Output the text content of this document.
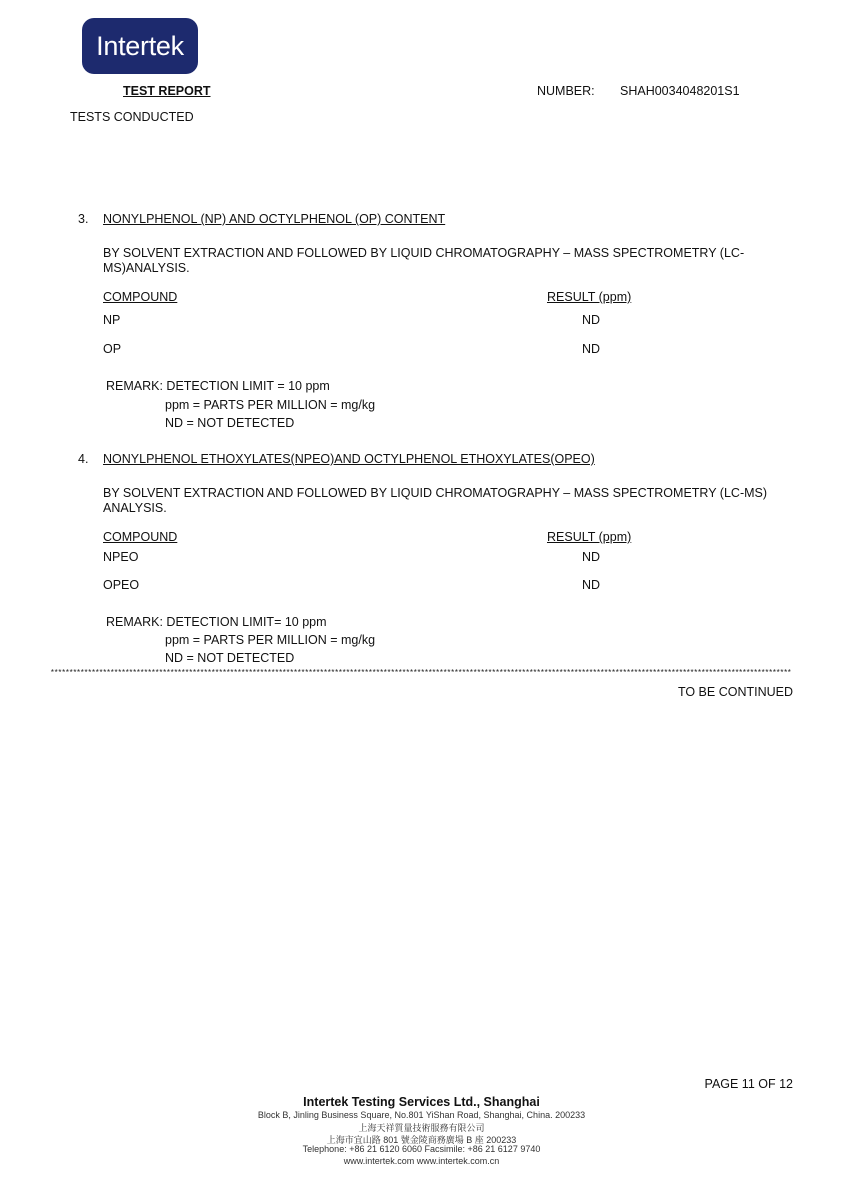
Intertek
TEST REPORT	NUMBER: SHAH0034048201S1
TESTS CONDUCTED
3. NONYLPHENOL (NP) AND OCTYLPHENOL (OP) CONTENT
BY SOLVENT EXTRACTION AND FOLLOWED BY LIQUID CHROMATOGRAPHY – MASS SPECTROMETRY (LC-MS)ANALYSIS.
COMPOUND	RESULT (ppm)
NP	ND
OP	ND
REMARK: DETECTION LIMIT = 10 ppm
ppm = PARTS PER MILLION = mg/kg
ND = NOT DETECTED
4. NONYLPHENOL ETHOXYLATES(NPEO)AND OCTYLPHENOL ETHOXYLATES(OPEO)
BY SOLVENT EXTRACTION AND FOLLOWED BY LIQUID CHROMATOGRAPHY – MASS SPECTROMETRY (LC-MS) ANALYSIS.
COMPOUND	RESULT (ppm)
NPEO	ND
OPEO	ND
REMARK: DETECTION LIMIT= 10 ppm
ppm = PARTS PER MILLION = mg/kg
ND = NOT DETECTED
******************************************************************************************************************************************************************************************************
TO BE CONTINUED
PAGE 11 OF 12
Intertek Testing Services Ltd., Shanghai
Block B, Jinling Business Square, No.801 YiShan Road, Shanghai, China. 200233
上海天祥質量技術服務有限公司
上海市宜山路 801 號金陵商務廣場 B 座 200233
Telephone: +86 21 6120 6060 Facsimile: +86 21 6127 9740
www.intertek.com www.intertek.com.cn
